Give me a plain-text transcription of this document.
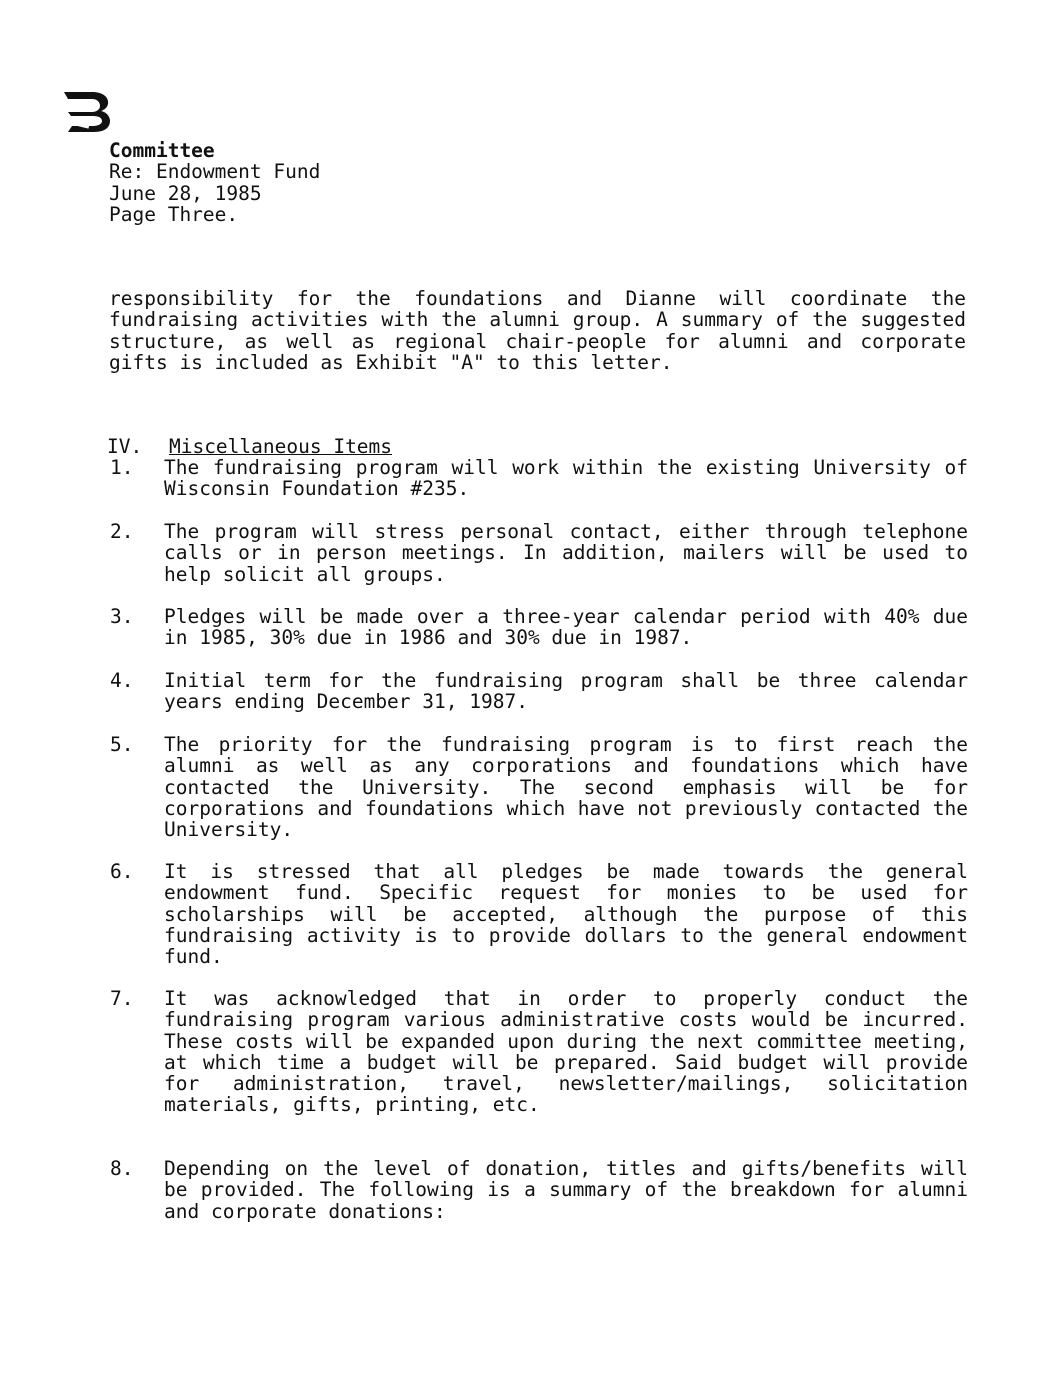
Committee
Re: Endowment Fund
June 28, 1985
Page Three.

responsibility for the foundations and Dianne will coordinate the fundraising activities with the alumni group. A summary of the suggested structure, as well as regional chair-people for alumni and corporate gifts is included as Exhibit "A" to this letter.

IV. Miscellaneous Items

1.	The fundraising program will work within the existing University of Wisconsin Foundation #235.

2.	The program will stress personal contact, either through telephone calls or in person meetings. In addition, mailers will be used to help solicit all groups.

3.	Pledges will be made over a three-year calendar period with 40% due in 1985, 30% due in 1986 and 30% due in 1987.

4.	Initial term for the fundraising program shall be three calendar years ending December 31, 1987.

5.	The priority for the fundraising program is to first reach the alumni as well as any corporations and foundations which have contacted the University. The second emphasis will be for corporations and foundations which have not previously contacted the University.

6.	It is stressed that all pledges be made towards the general endowment fund. Specific request for monies to be used for scholarships will be accepted, although the purpose of this fundraising activity is to provide dollars to the general endowment fund.

7.	It was acknowledged that in order to properly conduct the fundraising program various administrative costs would be incurred. These costs will be expanded upon during the next committee meeting, at which time a budget will be prepared. Said budget will provide for administration, travel, newsletter/mailings, solicitation materials, gifts, printing, etc.

8.	Depending on the level of donation, titles and gifts/benefits will be provided. The following is a summary of the breakdown for alumni and corporate donations:
